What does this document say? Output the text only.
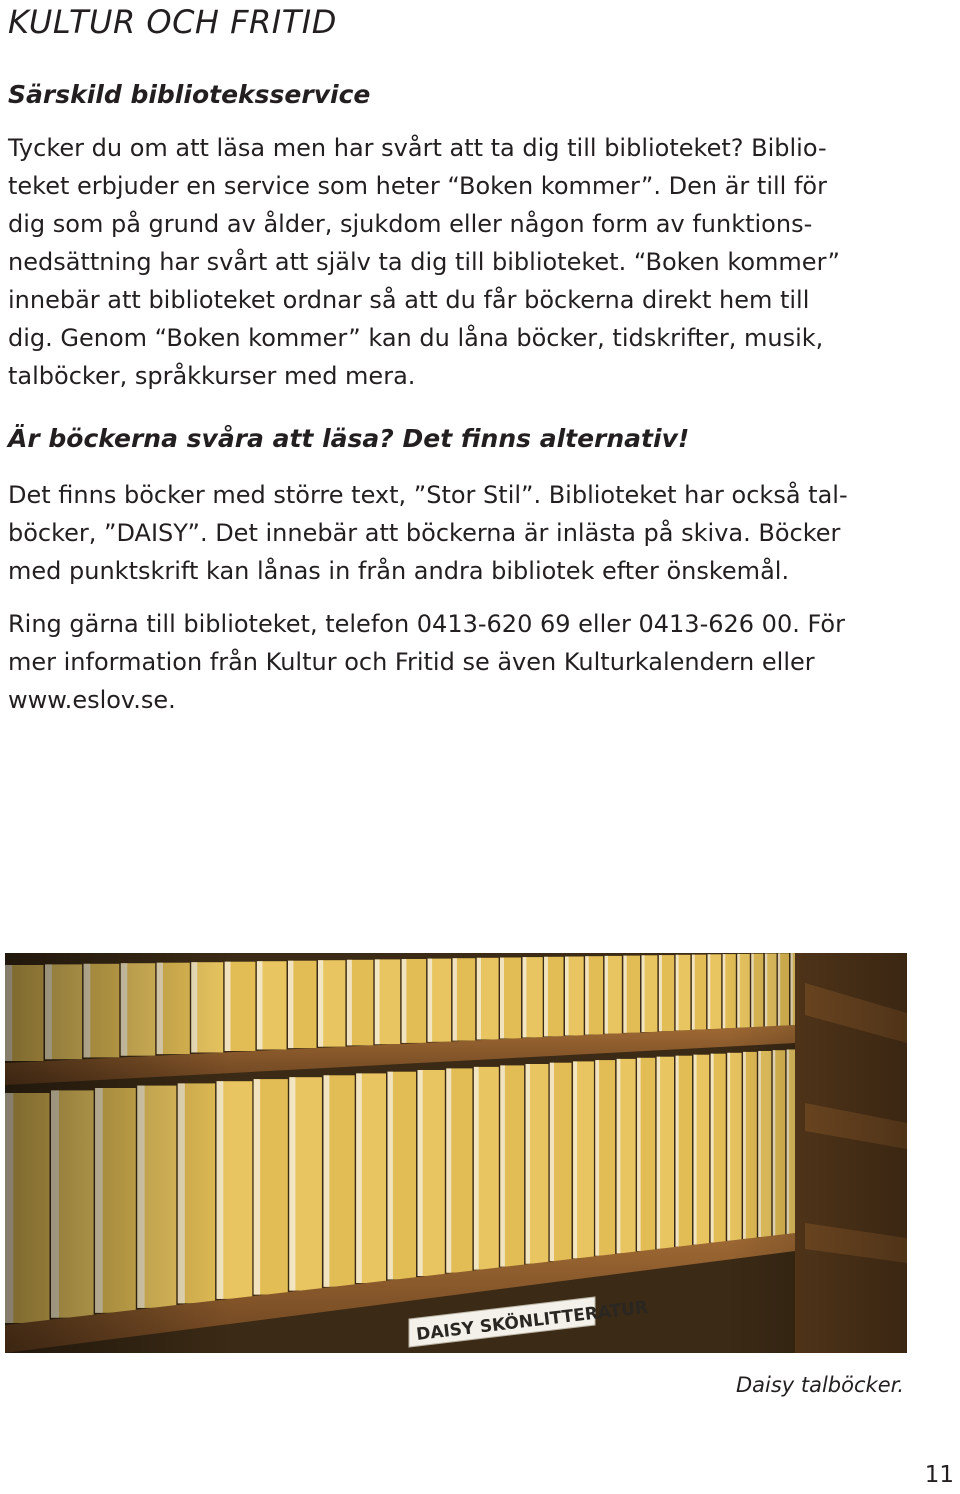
KULTUR OCH FRITID
Särskild biblioteksservice

Tycker du om att läsa men har svårt att ta dig till biblioteket? Biblio-
teket erbjuder en service som heter “Boken kommer”. Den är till för
dig som på grund av ålder, sjukdom eller någon form av funktions-
nedsättning har svårt att själv ta dig till biblioteket. “Boken kommer”
innebär att biblioteket ordnar så att du får böckerna direkt hem till
dig. Genom “Boken kommer” kan du låna böcker, tidskrifter, musik,
talböcker, språkkurser med mera.

Är böckerna svåra att läsa? Det finns alternativ!

Det finns böcker med större text, ”Stor Stil”. Biblioteket har också tal-
böcker, ”DAISY”. Det innebär att böckerna är inlästa på skiva. Böcker
med punktskrift kan lånas in från andra bibliotek efter önskemål.

Ring gärna till biblioteket, telefon 0413-620 69 eller 0413-626 00. För
mer information från Kultur och Fritid se även Kulturkalendern eller
www.eslov.se.

Daisy talböcker.

11
